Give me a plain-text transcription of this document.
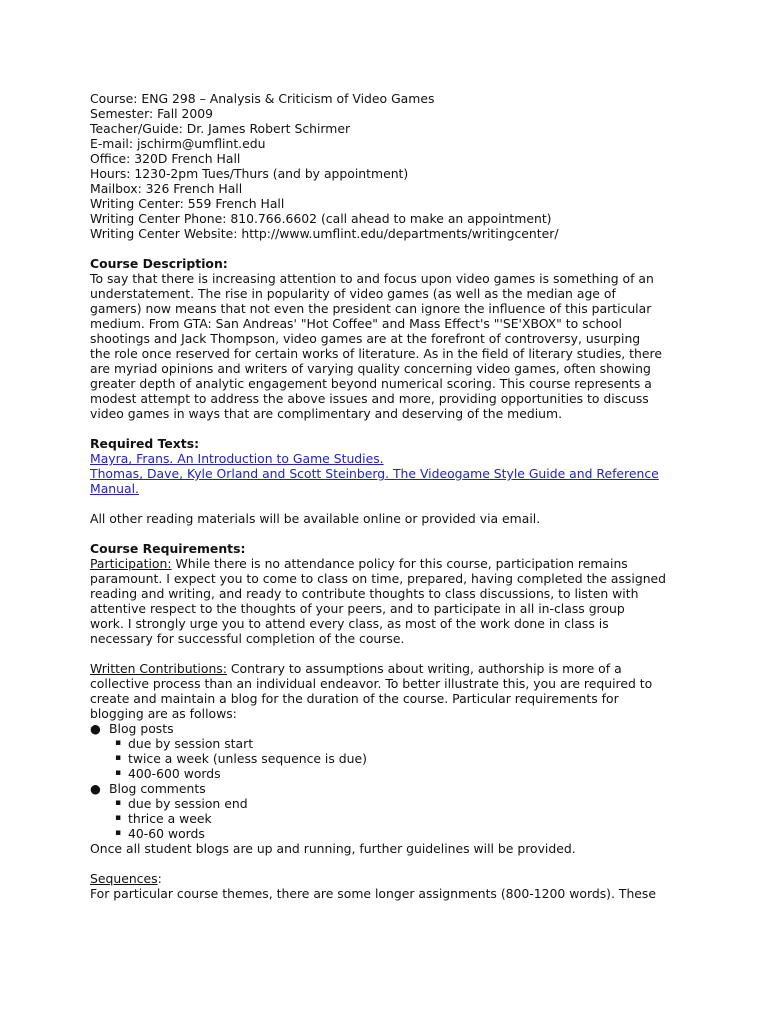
Course: ENG 298 – Analysis & Criticism of Video Games

Semester: Fall 2009

Teacher/Guide: Dr. James Robert Schirmer

E-mail: jschirm@umflint.edu

Office: 320D French Hall

Hours: 1230-2pm Tues/Thurs (and by appointment)

Mailbox: 326 French Hall

Writing Center: 559 French Hall

Writing Center Phone: 810.766.6602 (call ahead to make an appointment)

Writing Center Website: http://www.umflint.edu/departments/writingcenter/

Course Description:

To say that there is increasing attention to and focus upon video games is something of an

understatement. The rise in popularity of video games (as well as the median age of

gamers) now means that not even the president can ignore the influence of this particular

medium. From GTA: San Andreas' "Hot Coffee" and Mass Effect's "'SE'XBOX" to school

shootings and Jack Thompson, video games are at the forefront of controversy, usurping

the role once reserved for certain works of literature. As in the field of literary studies, there

are myriad opinions and writers of varying quality concerning video games, often showing

greater depth of analytic engagement beyond numerical scoring. This course represents a

modest attempt to address the above issues and more, providing opportunities to discuss

video games in ways that are complimentary and deserving of the medium.

Required Texts:

Mayra, Frans. An Introduction to Game Studies.

Thomas, Dave, Kyle Orland and Scott Steinberg. The Videogame Style Guide and Reference

Manual.

All other reading materials will be available online or provided via email.

Course Requirements:

Participation: While there is no attendance policy for this course, participation remains

paramount. I expect you to come to class on time, prepared, having completed the assigned

reading and writing, and ready to contribute thoughts to class discussions, to listen with

attentive respect to the thoughts of your peers, and to participate in all in-class group

work. I strongly urge you to attend every class, as most of the work done in class is

necessary for successful completion of the course.

Written Contributions: Contrary to assumptions about writing, authorship is more of a

collective process than an individual endeavor. To better illustrate this, you are required to

create and maintain a blog for the duration of the course. Particular requirements for

blogging are as follows:

● Blog posts
▪ due by session start
▪ twice a week (unless sequence is due)
▪ 400-600 words
● Blog comments
▪ due by session end
▪ thrice a week
▪ 40-60 words

Once all student blogs are up and running, further guidelines will be provided.

Sequences:

For particular course themes, there are some longer assignments (800-1200 words). These
